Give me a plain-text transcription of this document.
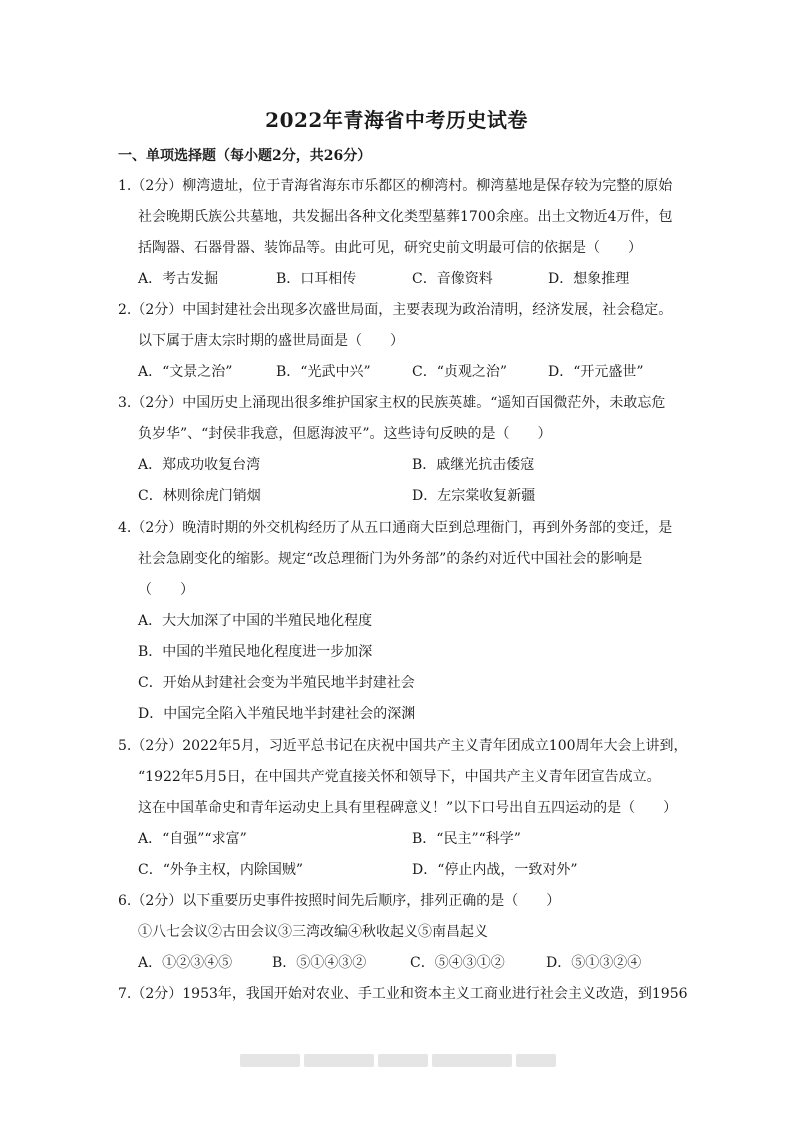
2022年青海省中考历史试卷
一、单项选择题（每小题2分，共26分）
1.（2分）柳湾遗址，位于青海省海东市乐都区的柳湾村。柳湾墓地是保存较为完整的原始
社会晚期氏族公共墓地，共发掘出各种文化类型墓葬1700余座。出土文物近4万件，包
括陶器、石器骨器、装饰品等。由此可见，研究史前文明最可信的依据是（　　）
A．考古发掘	B．口耳相传	C．音像资料	D．想象推理
2.（2分）中国封建社会出现多次盛世局面，主要表现为政治清明，经济发展，社会稳定。
以下属于唐太宗时期的盛世局面是（　　）
A．“文景之治”	B．“光武中兴”	C．“贞观之治”	D．“开元盛世”
3.（2分）中国历史上涌现出很多维护国家主权的民族英雄。“遥知百国微茫外，未敢忘危
负岁华”、“封侯非我意，但愿海波平”。这些诗句反映的是（　　）
A．郑成功收复台湾	B．戚继光抗击倭寇
C．林则徐虎门销烟	D．左宗棠收复新疆
4.（2分）晚清时期的外交机构经历了从五口通商大臣到总理衙门，再到外务部的变迁，是
社会急剧变化的缩影。规定“改总理衙门为外务部”的条约对近代中国社会的影响是
（　　）
A．大大加深了中国的半殖民地化程度
B．中国的半殖民地化程度进一步加深
C．开始从封建社会变为半殖民地半封建社会
D．中国完全陷入半殖民地半封建社会的深渊
5.（2分）2022年5月，习近平总书记在庆祝中国共产主义青年团成立100周年大会上讲到，
“1922年5月5日，在中国共产党直接关怀和领导下，中国共产主义青年团宣告成立。
这在中国革命史和青年运动史上具有里程碑意义！”以下口号出自五四运动的是（　　）
A．“自强”“求富”	B．“民主”“科学”
C．“外争主权，内除国贼”	D．“停止内战，一致对外”
6.（2分）以下重要历史事件按照时间先后顺序，排列正确的是（　　）
①八七会议②古田会议③三湾改编④秋收起义⑤南昌起义
A．①②③④⑤	B．⑤①④③②	C．⑤④③①②	D．⑤①③②④
7.（2分）1953年，我国开始对农业、手工业和资本主义工商业进行社会主义改造，到1956
